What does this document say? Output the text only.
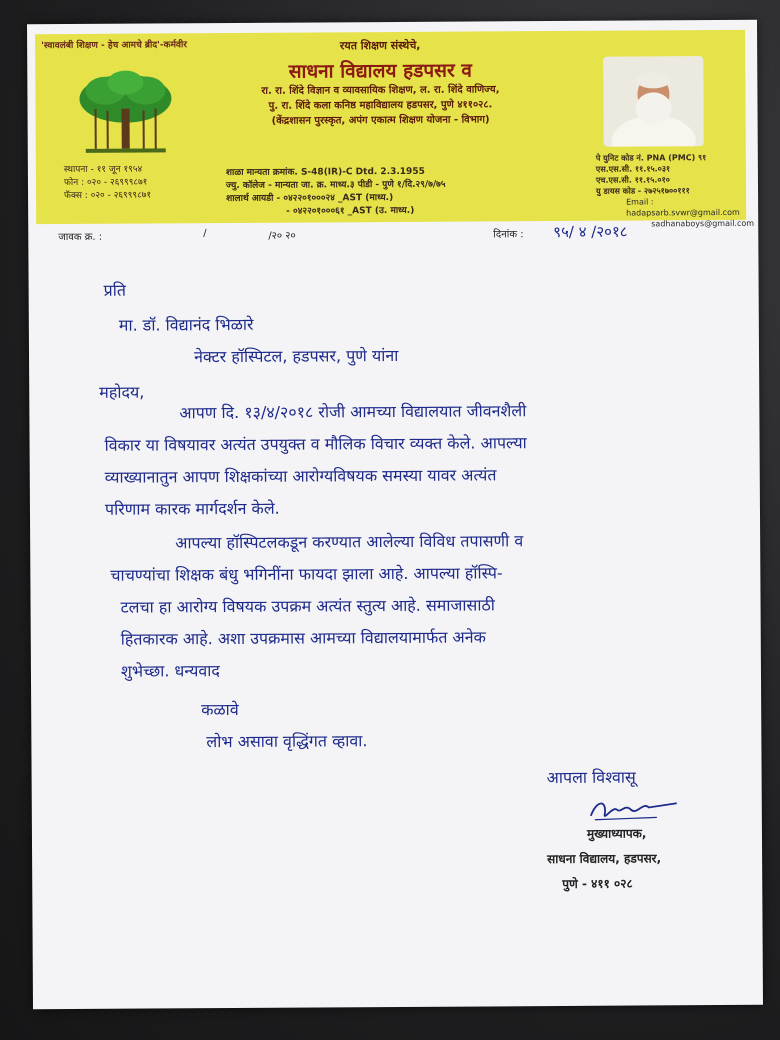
'स्वावलंबी शिक्षण - हेच आमचे ब्रीद'-कर्मवीर
स्थापना - ११ जून १९५४
फोन : ०२० - २६९९९८७१
फॅक्स : ०२० - २६९९९८७१
रयत शिक्षण संस्थेचे,
साधना विद्यालय हडपसर व
रा. रा. शिंदे विज्ञान व व्यावसायिक शिक्षण, ल. रा. शिंदे वाणिज्य,
पु. रा. शिंदे कला कनिष्ठ महाविद्यालय हडपसर, पुणे ४११०२८.
(केंद्रशासन पुरस्कृत, अपंग एकात्म शिक्षण योजना - विभाग)
शाळा मान्यता क्रमांक. S-48(IR)-C Dtd. 2.3.1955
ज्यु. कॉलेज - मान्यता जा. क्र. माध्य.३ पीडी - पुणे १/दि.२९/७/७५
शालार्थ आयडी - ०४२२०१०००२४ _AST (माध्य.)
- ०४२२०१०००६१ _AST (उ. माध्य.)
पे युनिट कोड नं. PNA (PMC) ९१
एस.एस.सी. ११.१५.०३१
एच.एस.सी. ११.१५.०१०
यु डायस कोड - २७२५१७००१११
Email : hadapsarb.svwr@gmail.com
sadhanaboys@gmail.com
जावक क्र. :	/	/२० २०	दिनांक : ९५/ ४ /२०१८
प्रति
मा. डॉ. विद्यानंद भिळारे
नेक्टर हॉस्पिटल, हडपसर, पुणे यांना
महोदय,
आपण दि. १३/४/२०१८ रोजी आमच्या विद्यालयात जीवनशैली
विकार या विषयावर अत्यंत उपयुक्त व मौलिक विचार व्यक्त केले. आपल्या
व्याख्यानातुन आपण शिक्षकांच्या आरोग्यविषयक समस्या यावर अत्यंत
परिणाम कारक मार्गदर्शन केले.
आपल्या हॉस्पिटलकडून करण्यात आलेल्या विविध तपासणी व
चाचण्यांचा शिक्षक बंधु भगिनींना फायदा झाला आहे. आपल्या हॉस्पि-
टलचा हा आरोग्य विषयक उपक्रम अत्यंत स्तुत्य आहे. समाजासाठी
हितकारक आहे. अशा उपक्रमास आमच्या विद्यालयामार्फत अनेक
शुभेच्छा. धन्यवाद
कळावे
लोभ असावा वृद्धिंगत व्हावा.
आपला विश्वासू
मुख्याध्यापक,
साधना विद्यालय, हडपसर,
पुणे - ४११ ०२८
